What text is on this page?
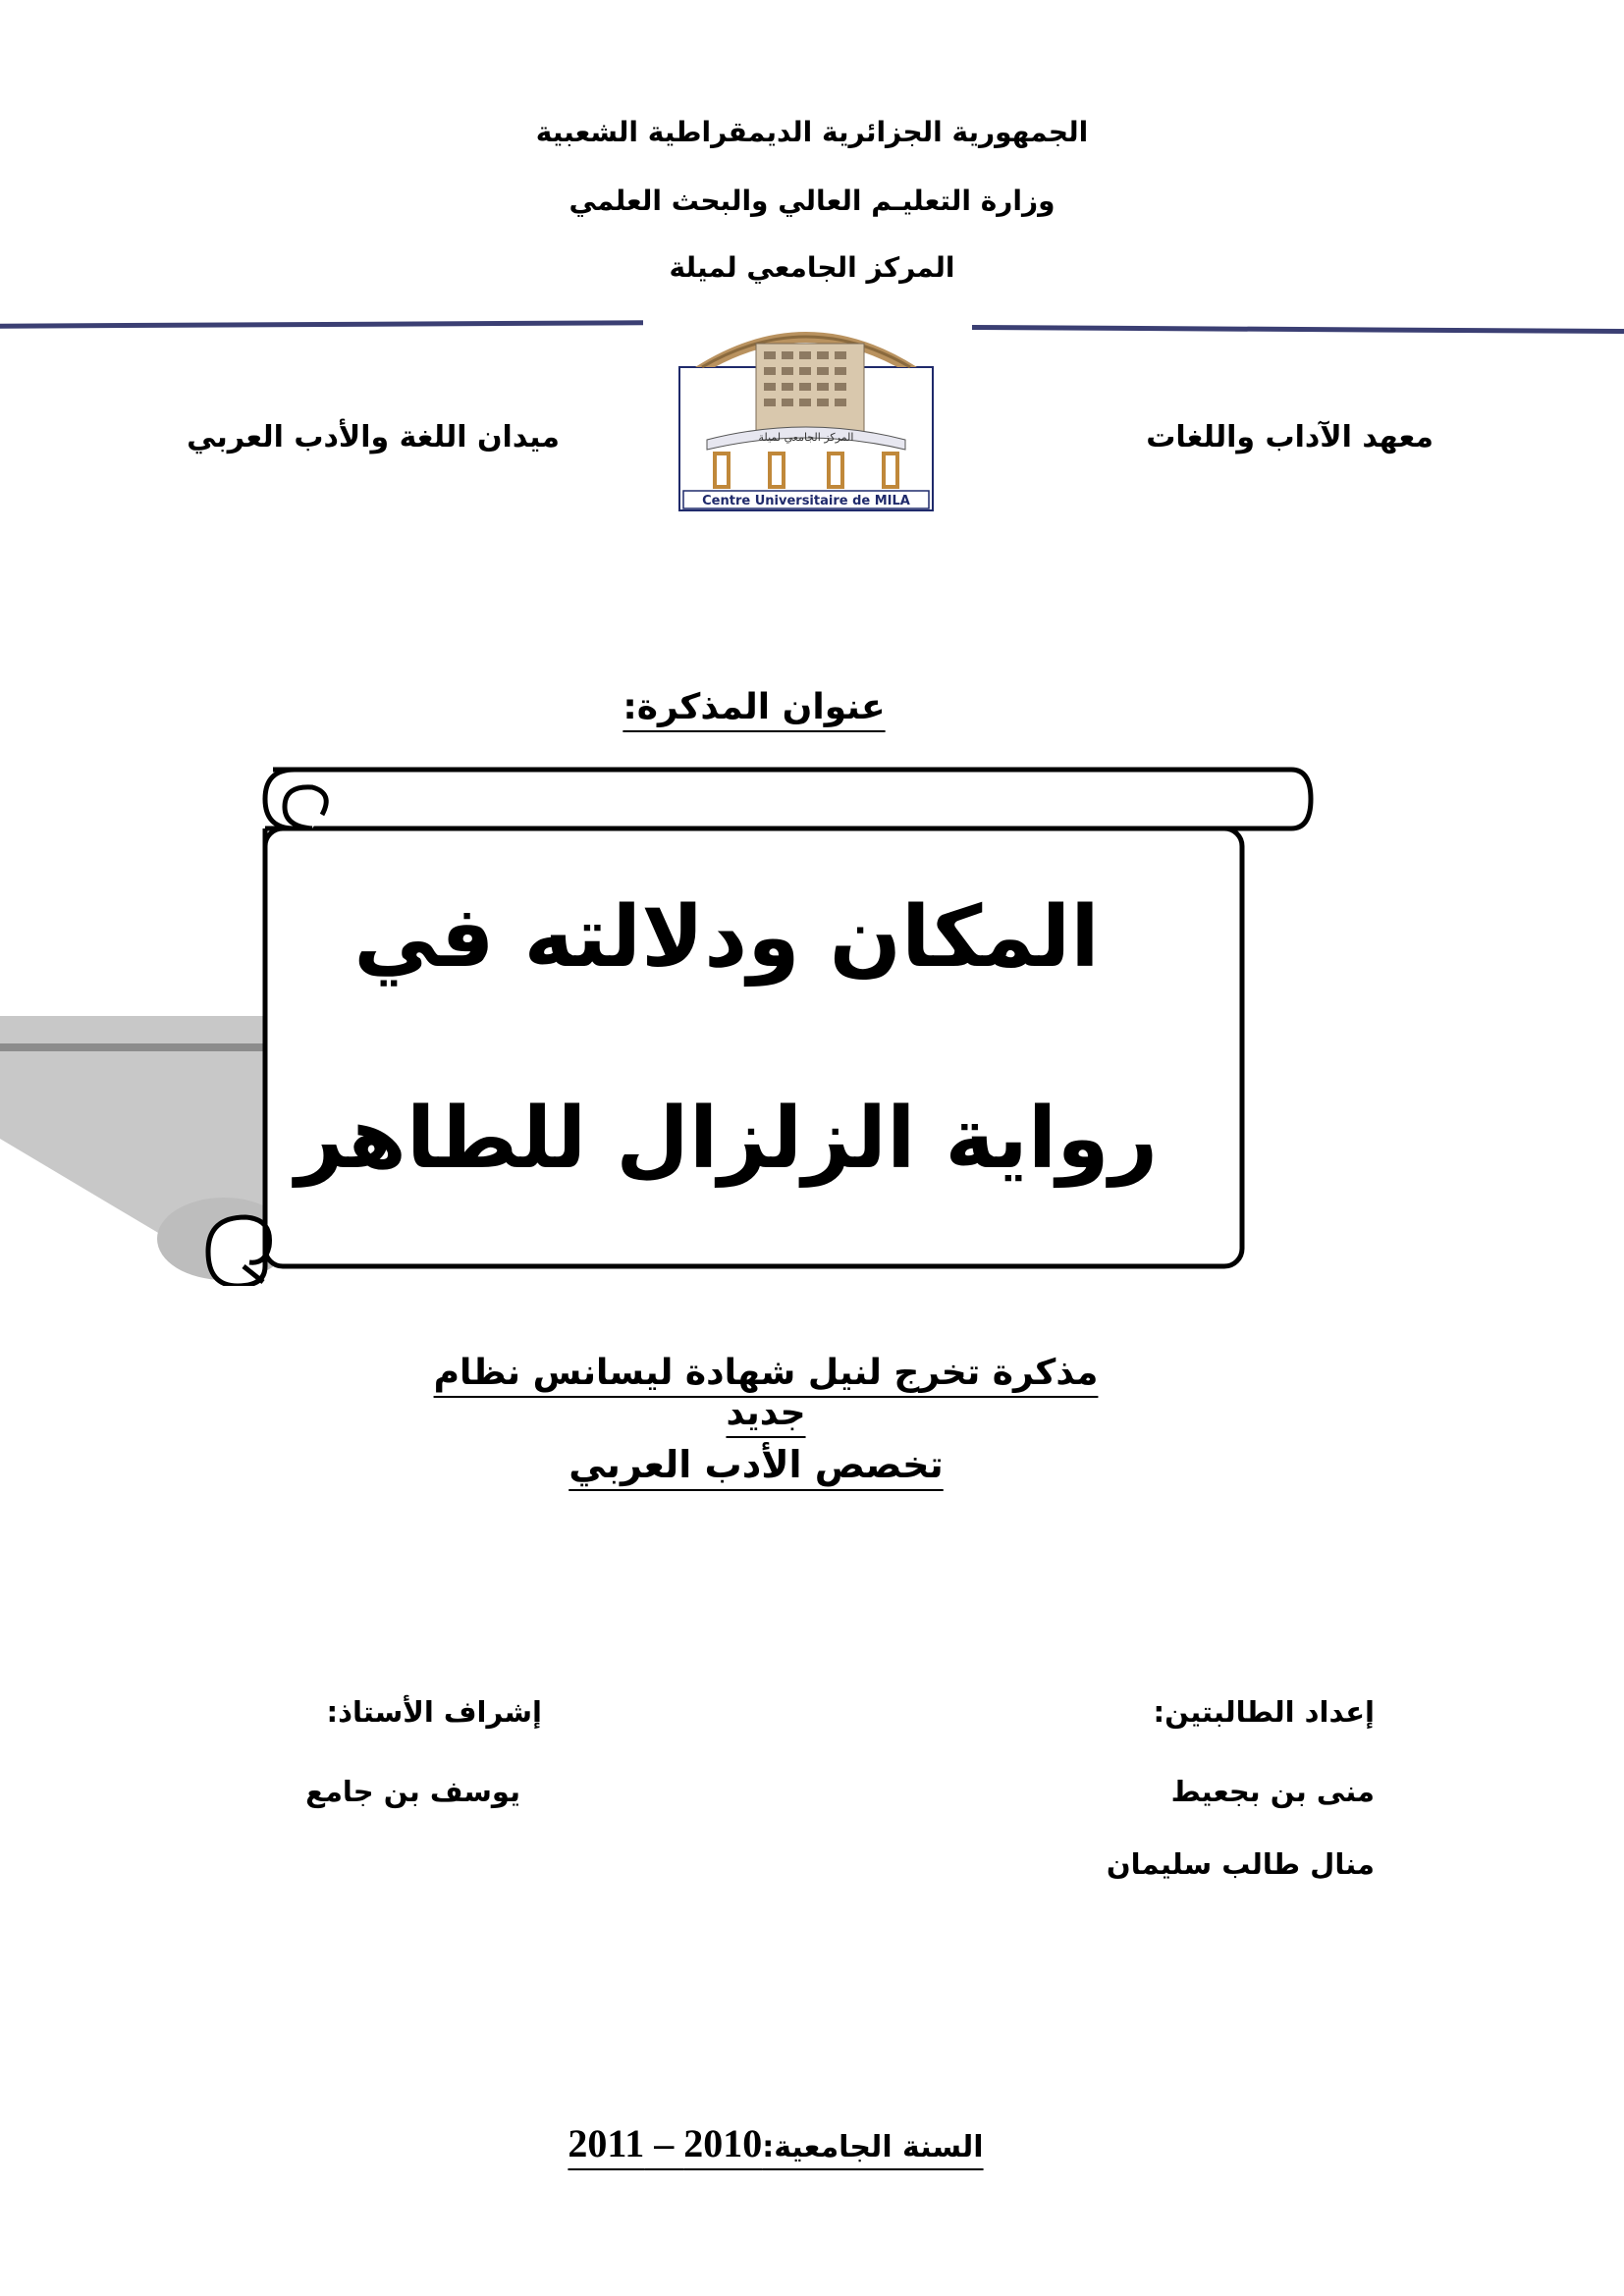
الجمهورية الجزائرية الديمقراطية الشعبية
وزارة التعليـم العالي والبحث العلمي
المركز الجامعي لميلة
معهد الآداب واللغات
ميدان اللغة والأدب العربي	المركز الجامعي لميلة
Centre Universitaire de MILA
عنوان المذكرة:
المكان ودلالته في
رواية الزلزال للطاهر
مذكرة تخرج لنيل شهادة ليسانس نظام جديد
تخصص الأدب العربي
إعداد الطالبتين:
منى بن بجعيط
منال طالب سليمان
إشراف الأستاذ:
يوسف بن جامع
السنة الجامعية:2010 – 2011
